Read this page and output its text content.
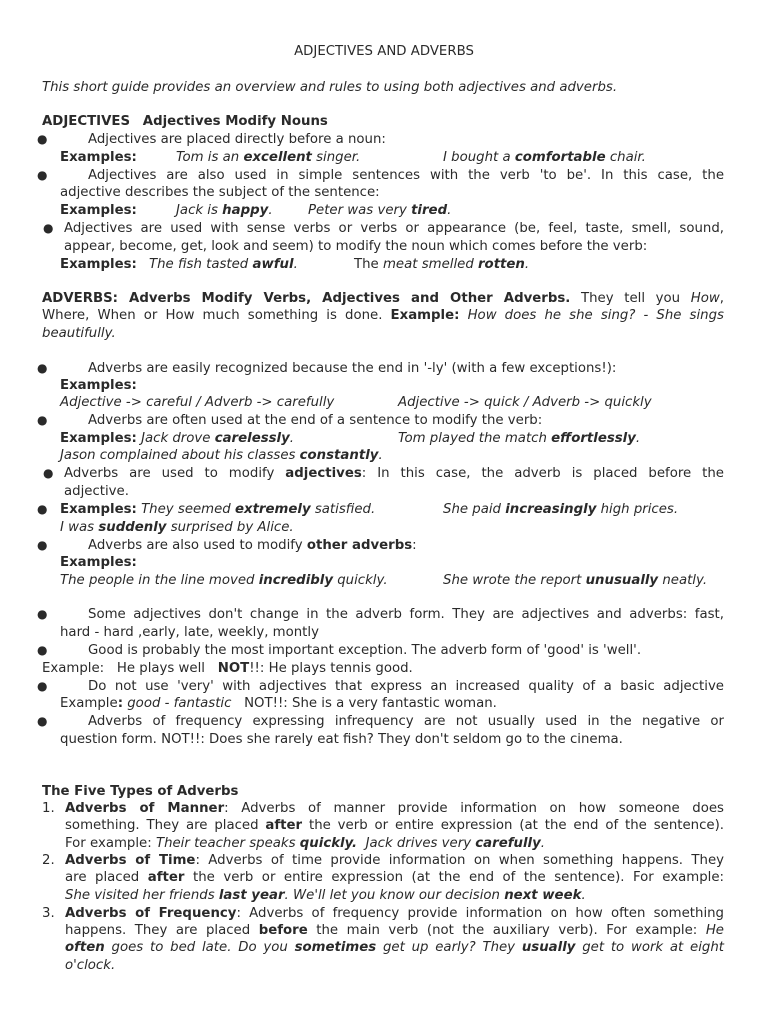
ADJECTIVES AND ADVERBS
This short guide provides an overview and rules to using both adjectives and adverbs.
ADJECTIVES Adjectives Modify Nouns
●	Adjectives are placed directly before a noun:
Examples:	Tom is an excellent singer.	I bought a comfortable chair.
●	Adjectives are also used in simple sentences with the verb 'to be'. In this case, the
adjective describes the subject of the sentence:
Examples:	Jack is happy.	Peter was very tired.
● Adjectives are used with sense verbs or verbs or appearance (be, feel, taste, smell, sound,
appear, become, get, look and seem) to modify the noun which comes before the verb:
Examples: The fish tasted awful.	The meat smelled rotten.
ADVERBS: Adverbs Modify Verbs, Adjectives and Other Adverbs. They tell you How,
Where, When or How much something is done. Example: How does he she sing? - She sings
beautifully.
●	Adverbs are easily recognized because the end in '-ly' (with a few exceptions!):
Examples:
Adjective -> careful / Adverb -> carefully	Adjective -> quick / Adverb -> quickly
●	Adverbs are often used at the end of a sentence to modify the verb:
Examples: Jack drove carelessly.	Tom played the match effortlessly.
Jason complained about his classes constantly.
● Adverbs are used to modify adjectives: In this case, the adverb is placed before the
adjective.
● Examples: They seemed extremely satisfied.	She paid increasingly high prices.
I was suddenly surprised by Alice.
●	Adverbs are also used to modify other adverbs:
Examples:
The people in the line moved incredibly quickly.	She wrote the report unusually neatly.
●	Some adjectives don't change in the adverb form. They are adjectives and adverbs: fast,
hard - hard ,early, late, weekly, montly
●	Good is probably the most important exception. The adverb form of 'good' is 'well'.
Example:   He plays well   NOT!!: He plays tennis good.
●	Do not use 'very' with adjectives that express an increased quality of a basic adjective
Example: good - fantastic   NOT!!: She is a very fantastic woman.
●	Adverbs of frequency expressing infrequency are not usually used in the negative or
question form. NOT!!: Does she rarely eat fish? They don't seldom go to the cinema.
The Five Types of Adverbs
1. Adverbs of Manner: Adverbs of manner provide information on how someone does
something. They are placed after the verb or entire expression (at the end of the sentence).
For example: Their teacher speaks quickly.  Jack drives very carefully.
2. Adverbs of Time: Adverbs of time provide information on when something happens. They
are placed after the verb or entire expression (at the end of the sentence). For example:
She visited her friends last year. We'll let you know our decision next week.
3. Adverbs of Frequency: Adverbs of frequency provide information on how often something
happens. They are placed before the main verb (not the auxiliary verb). For example: He
often goes to bed late. Do you sometimes get up early? They usually get to work at eight
o'clock.
